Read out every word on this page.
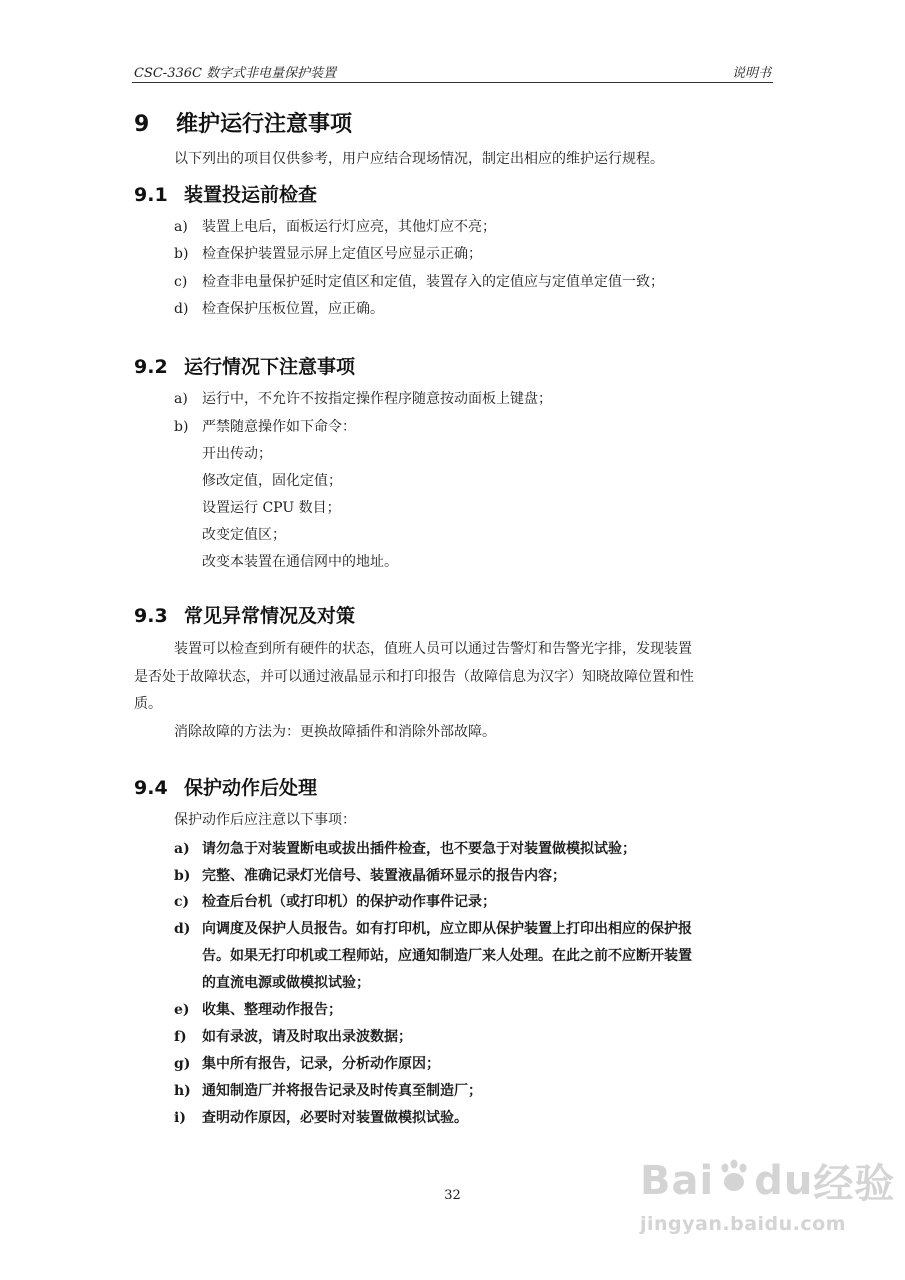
CSC-336C 数字式非电量保护装置	说明书
9 维护运行注意事项
以下列出的项目仅供参考，用户应结合现场情况，制定出相应的维护运行规程。
9.1 装置投运前检查
a) 装置上电后，面板运行灯应亮，其他灯应不亮；
b) 检查保护装置显示屏上定值区号应显示正确；
c) 检查非电量保护延时定值区和定值，装置存入的定值应与定值单定值一致；
d) 检查保护压板位置，应正确。
9.2 运行情况下注意事项
a) 运行中，不允许不按指定操作程序随意按动面板上键盘；
b) 严禁随意操作如下命令：
开出传动；
修改定值，固化定值；
设置运行 CPU 数目；
改变定值区；
改变本装置在通信网中的地址。
9.3 常见异常情况及对策
装置可以检查到所有硬件的状态，值班人员可以通过告警灯和告警光字排，发现装置
是否处于故障状态，并可以通过液晶显示和打印报告（故障信息为汉字）知晓故障位置和性
质。
消除故障的方法为：更换故障插件和消除外部故障。
9.4 保护动作后处理
保护动作后应注意以下事项：
a) 请勿急于对装置断电或拔出插件检查，也不要急于对装置做模拟试验；
b) 完整、准确记录灯光信号、装置液晶循环显示的报告内容；
c) 检查后台机（或打印机）的保护动作事件记录；
d) 向调度及保护人员报告。如有打印机，应立即从保护装置上打印出相应的保护报
告。如果无打印机或工程师站，应通知制造厂来人处理。在此之前不应断开装置
的直流电源或做模拟试验；
e) 收集、整理动作报告；
f) 如有录波，请及时取出录波数据；
g) 集中所有报告，记录，分析动作原因；
h) 通知制造厂并将报告记录及时传真至制造厂；
i) 查明动作原因，必要时对装置做模拟试验。
32	Bai du 经验
jingyan.baidu.com
